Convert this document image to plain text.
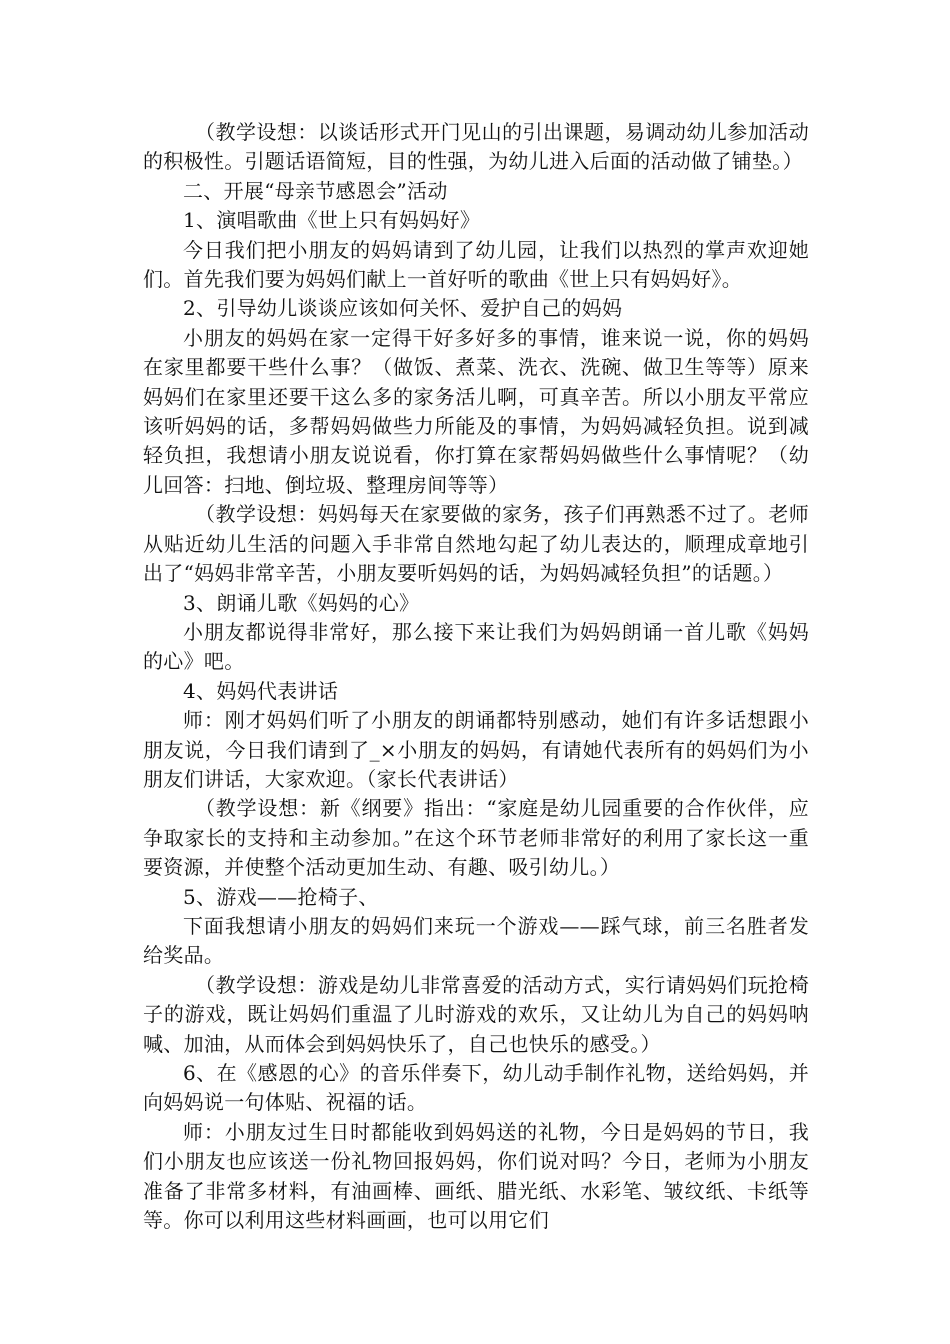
（教学设想：以谈话形式开门见山的引出课题，易调动幼儿参加活动的积极性。引题话语简短，目的性强，为幼儿进入后面的活动做了铺垫。）

二、开展“母亲节感恩会”活动

1、演唱歌曲《世上只有妈妈好》

今日我们把小朋友的妈妈请到了幼儿园，让我们以热烈的掌声欢迎她们。首先我们要为妈妈们献上一首好听的歌曲《世上只有妈妈好》。

2、引导幼儿谈谈应该如何关怀、爱护自己的妈妈

小朋友的妈妈在家一定得干好多好多的事情，谁来说一说，你的妈妈在家里都要干些什么事？（做饭、煮菜、洗衣、洗碗、做卫生等等）原来妈妈们在家里还要干这么多的家务活儿啊，可真辛苦。所以小朋友平常应该听妈妈的话，多帮妈妈做些力所能及的事情，为妈妈减轻负担。说到减轻负担，我想请小朋友说说看，你打算在家帮妈妈做些什么事情呢？（幼儿回答：扫地、倒垃圾、整理房间等等）

（教学设想：妈妈每天在家要做的家务，孩子们再熟悉不过了。老师从贴近幼儿生活的问题入手非常自然地勾起了幼儿表达的，顺理成章地引出了“妈妈非常辛苦，小朋友要听妈妈的话，为妈妈减轻负担”的话题。）

3、朗诵儿歌《妈妈的心》

小朋友都说得非常好，那么接下来让我们为妈妈朗诵一首儿歌《妈妈的心》吧。

4、妈妈代表讲话

师：刚才妈妈们听了小朋友的朗诵都特别感动，她们有许多话想跟小朋友说，今日我们请到了_×小朋友的妈妈，有请她代表所有的妈妈们为小朋友们讲话，大家欢迎。（家长代表讲话）

（教学设想：新《纲要》指出：“家庭是幼儿园重要的合作伙伴，应争取家长的支持和主动参加。”在这个环节老师非常好的利用了家长这一重要资源，并使整个活动更加生动、有趣、吸引幼儿。）

5、游戏——抢椅子、

下面我想请小朋友的妈妈们来玩一个游戏——踩气球，前三名胜者发给奖品。

（教学设想：游戏是幼儿非常喜爱的活动方式，实行请妈妈们玩抢椅子的游戏，既让妈妈们重温了儿时游戏的欢乐，又让幼儿为自己的妈妈呐喊、加油，从而体会到妈妈快乐了，自己也快乐的感受。）

6、在《感恩的心》的音乐伴奏下，幼儿动手制作礼物，送给妈妈，并向妈妈说一句体贴、祝福的话。

师：小朋友过生日时都能收到妈妈送的礼物，今日是妈妈的节日，我们小朋友也应该送一份礼物回报妈妈，你们说对吗？今日，老师为小朋友准备了非常多材料，有油画棒、画纸、腊光纸、水彩笔、皱纹纸、卡纸等等。你可以利用这些材料画画，也可以用它们
